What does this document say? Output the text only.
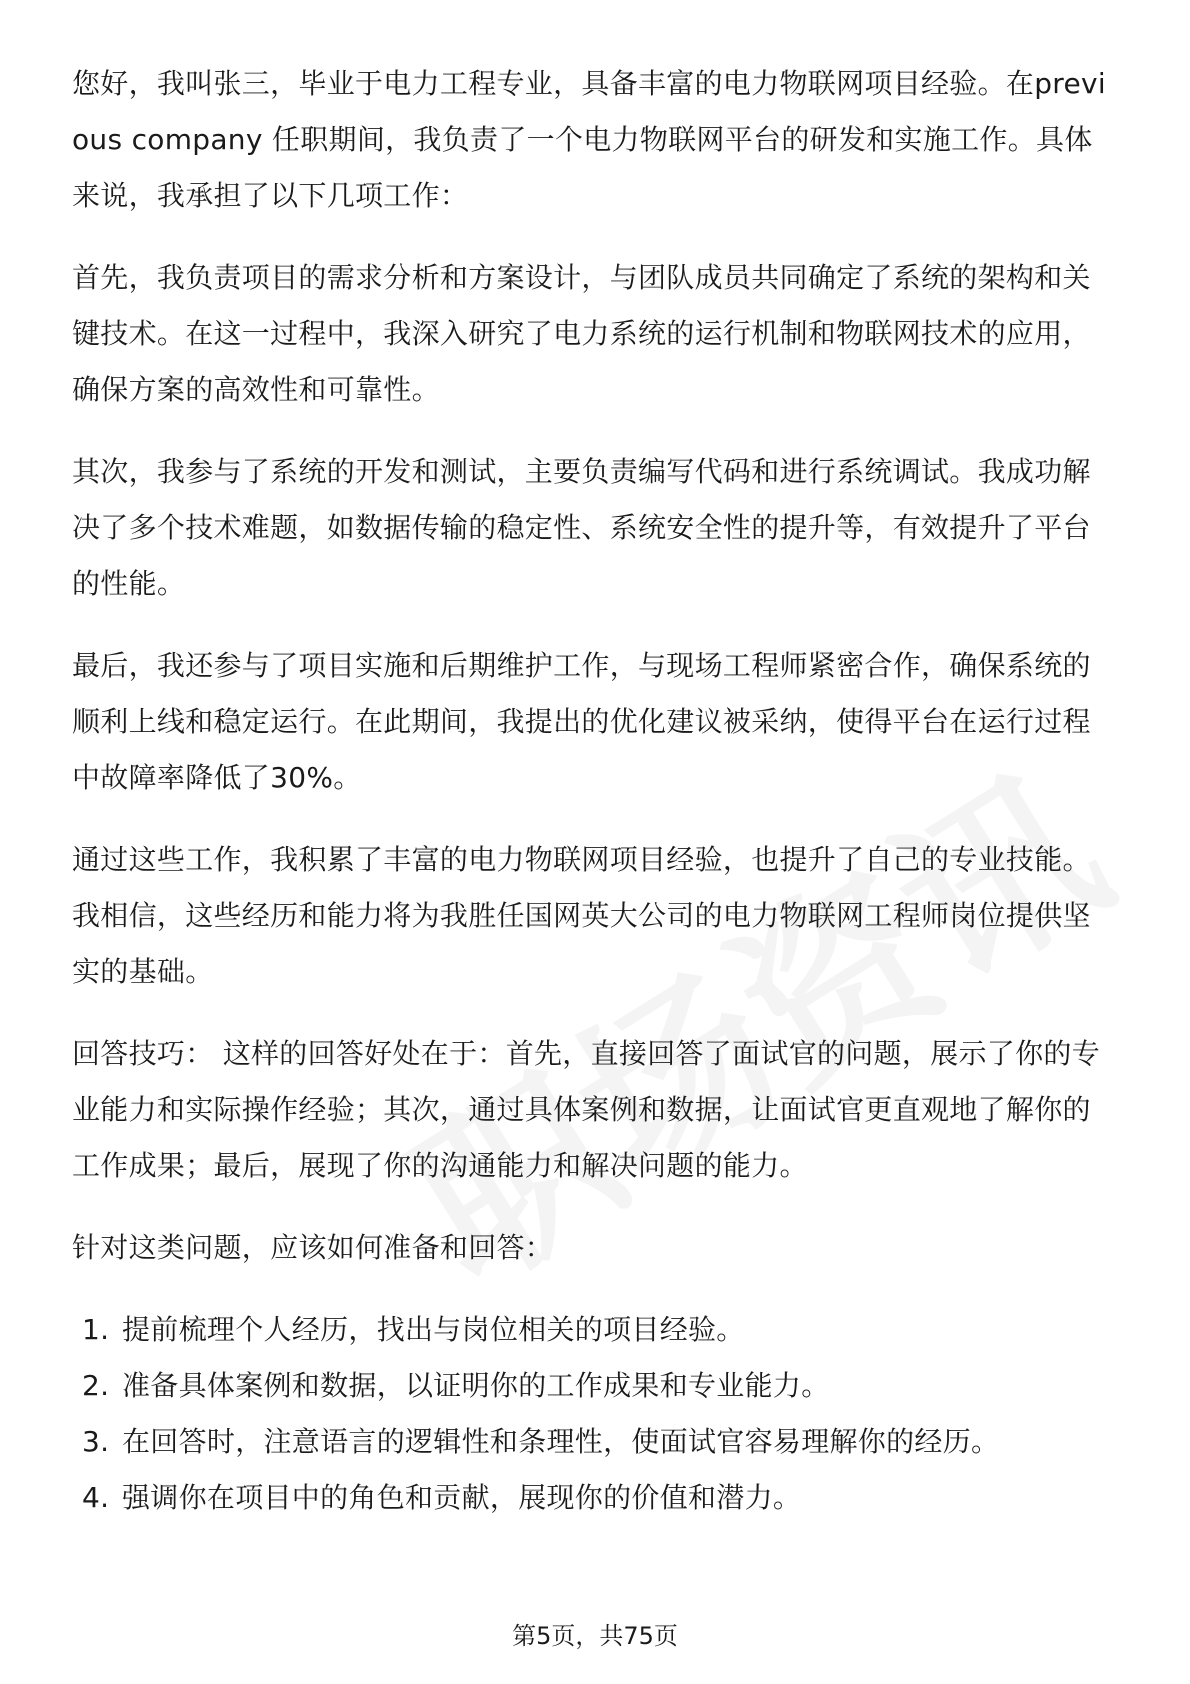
您好，我叫张三，毕业于电力工程专业，具备丰富的电力物联网项目经验。在previous company 任职期间，我负责了一个电力物联网平台的研发和实施工作。具体来说，我承担了以下几项工作：

首先，我负责项目的需求分析和方案设计，与团队成员共同确定了系统的架构和关键技术。在这一过程中，我深入研究了电力系统的运行机制和物联网技术的应用，确保方案的高效性和可靠性。

其次，我参与了系统的开发和测试，主要负责编写代码和进行系统调试。我成功解决了多个技术难题，如数据传输的稳定性、系统安全性的提升等，有效提升了平台的性能。

最后，我还参与了项目实施和后期维护工作，与现场工程师紧密合作，确保系统的顺利上线和稳定运行。在此期间，我提出的优化建议被采纳，使得平台在运行过程中故障率降低了30%。

通过这些工作，我积累了丰富的电力物联网项目经验，也提升了自己的专业技能。我相信，这些经历和能力将为我胜任国网英大公司的电力物联网工程师岗位提供坚实的基础。

回答技巧： 这样的回答好处在于：首先，直接回答了面试官的问题，展示了你的专业能力和实际操作经验；其次，通过具体案例和数据，让面试官更直观地了解你的工作成果；最后，展现了你的沟通能力和解决问题的能力。

针对这类问题，应该如何准备和回答：

1. 提前梳理个人经历，找出与岗位相关的项目经验。
2. 准备具体案例和数据，以证明你的工作成果和专业能力。
3. 在回答时，注意语言的逻辑性和条理性，使面试官容易理解你的经历。
4. 强调你在项目中的角色和贡献，展现你的价值和潜力。
第5页，共75页
